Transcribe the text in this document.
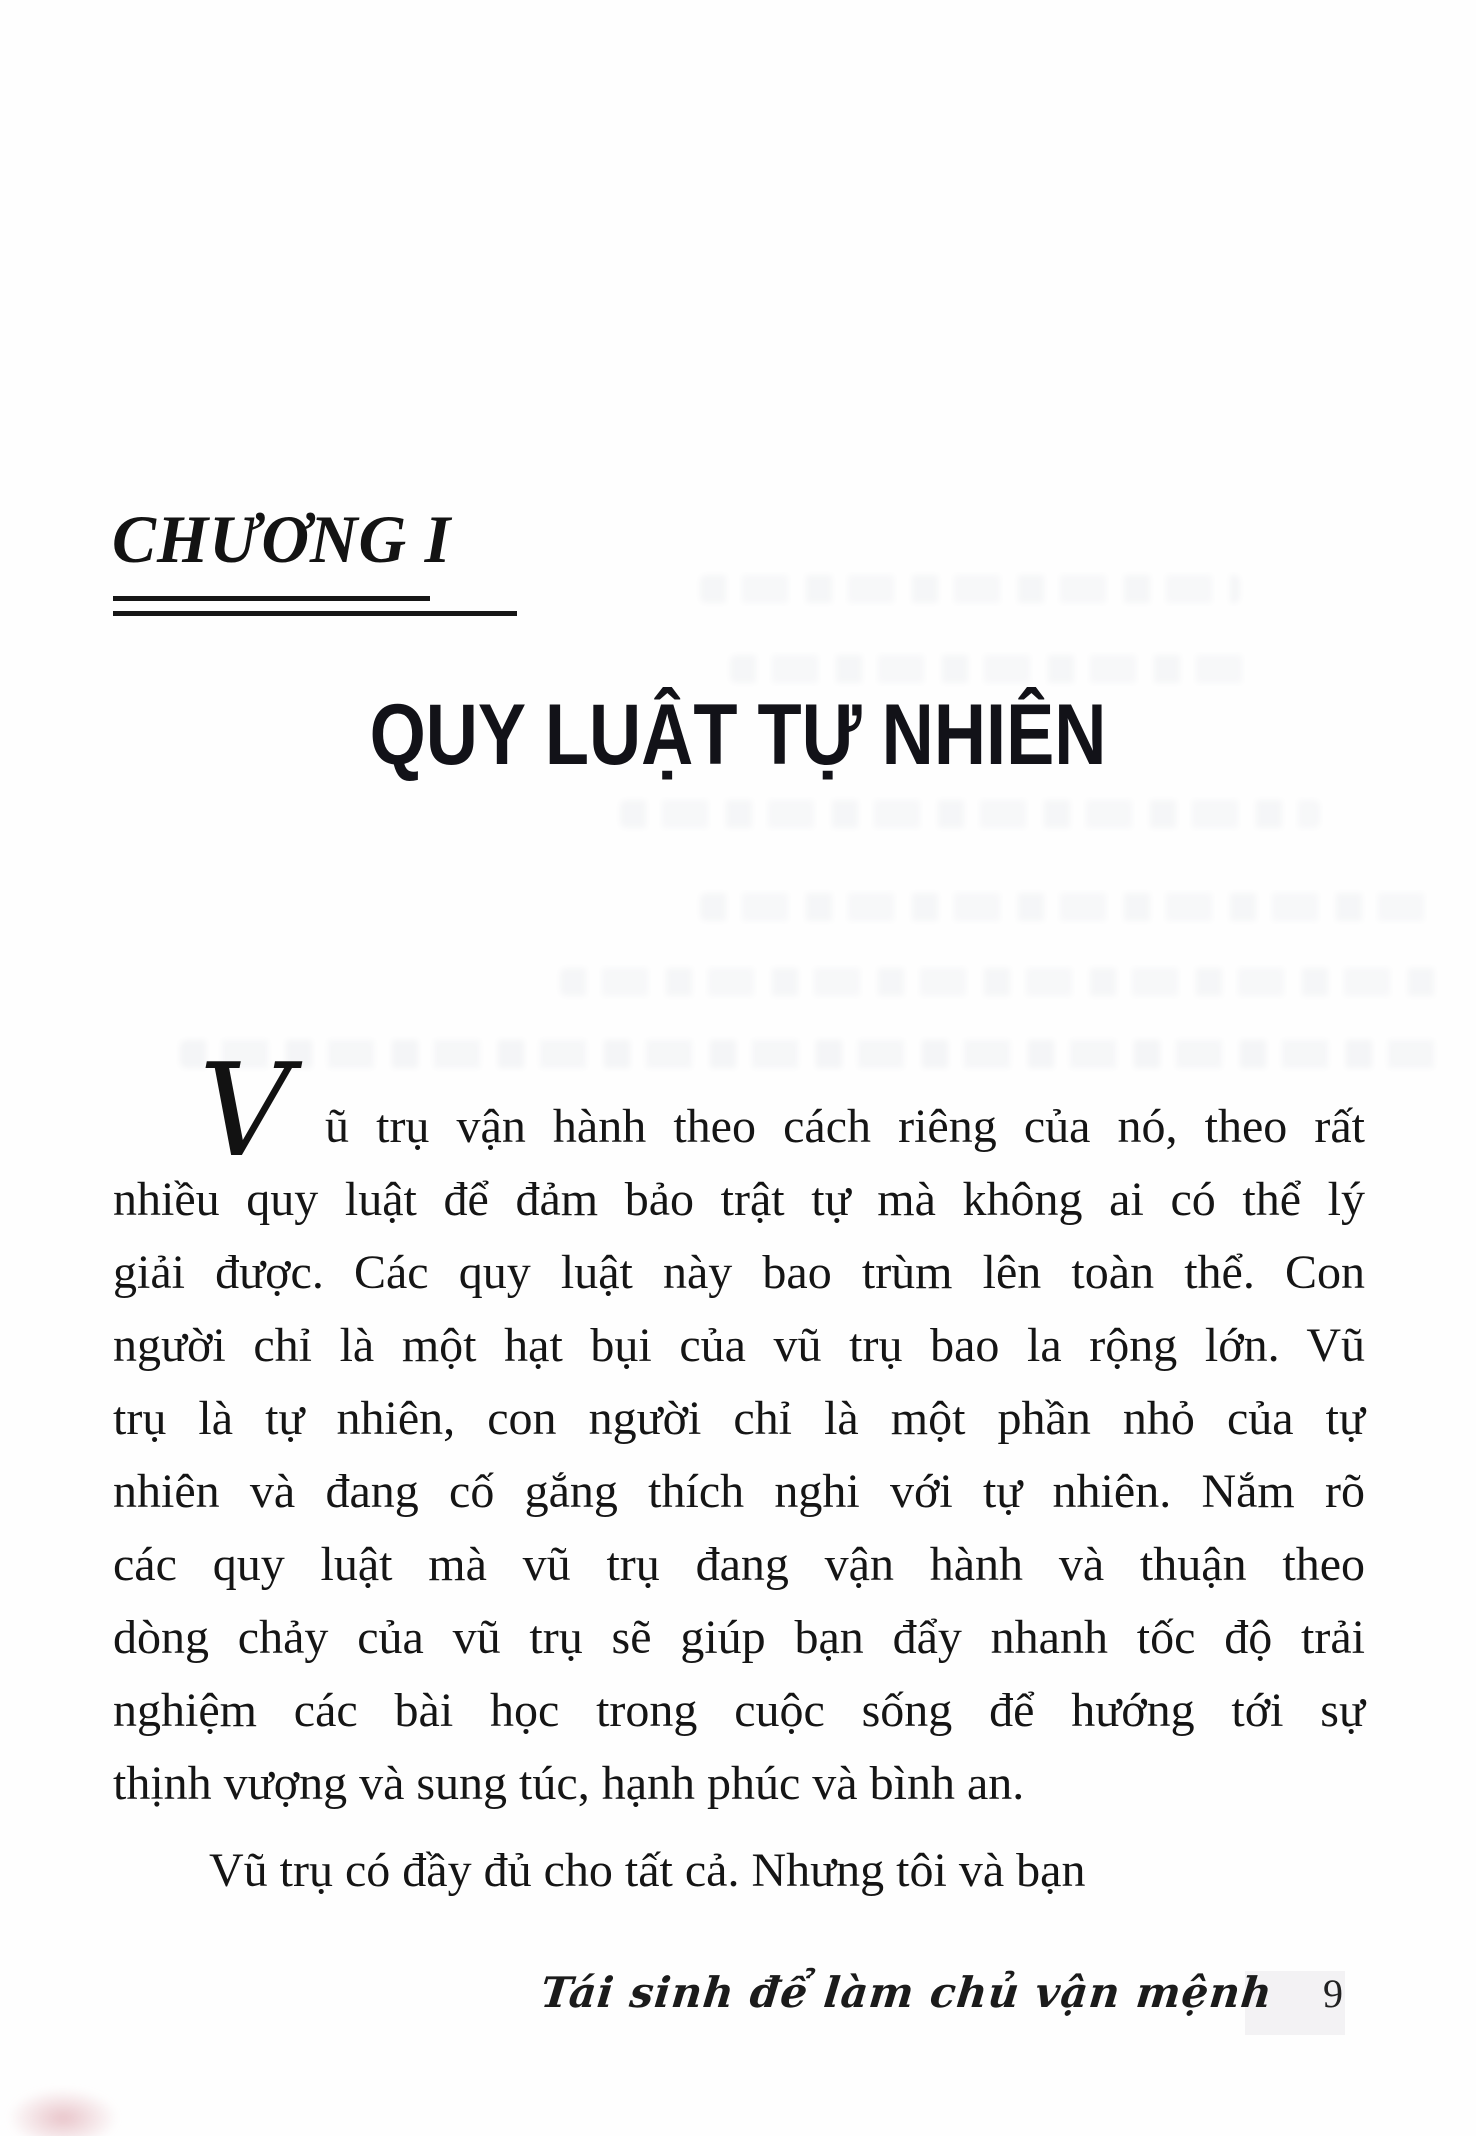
CHƯƠNG I
QUY LUẬT TỰ NHIÊN
V ũ trụ vận hành theo cách riêng của nó, theo rất
nhiều quy luật để đảm bảo trật tự mà không ai có thể lý
giải được. Các quy luật này bao trùm lên toàn thể. Con
người chỉ là một hạt bụi của vũ trụ bao la rộng lớn. Vũ
trụ là tự nhiên, con người chỉ là một phần nhỏ của tự
nhiên và đang cố gắng thích nghi với tự nhiên. Nắm rõ
các quy luật mà vũ trụ đang vận hành và thuận theo
dòng chảy của vũ trụ sẽ giúp bạn đẩy nhanh tốc độ trải
nghiệm các bài học trong cuộc sống để hướng tới sự
thịnh vượng và sung túc, hạnh phúc và bình an.
Vũ trụ có đầy đủ cho tất cả. Nhưng tôi và bạn
Tái sinh để làm chủ vận mệnh 9
